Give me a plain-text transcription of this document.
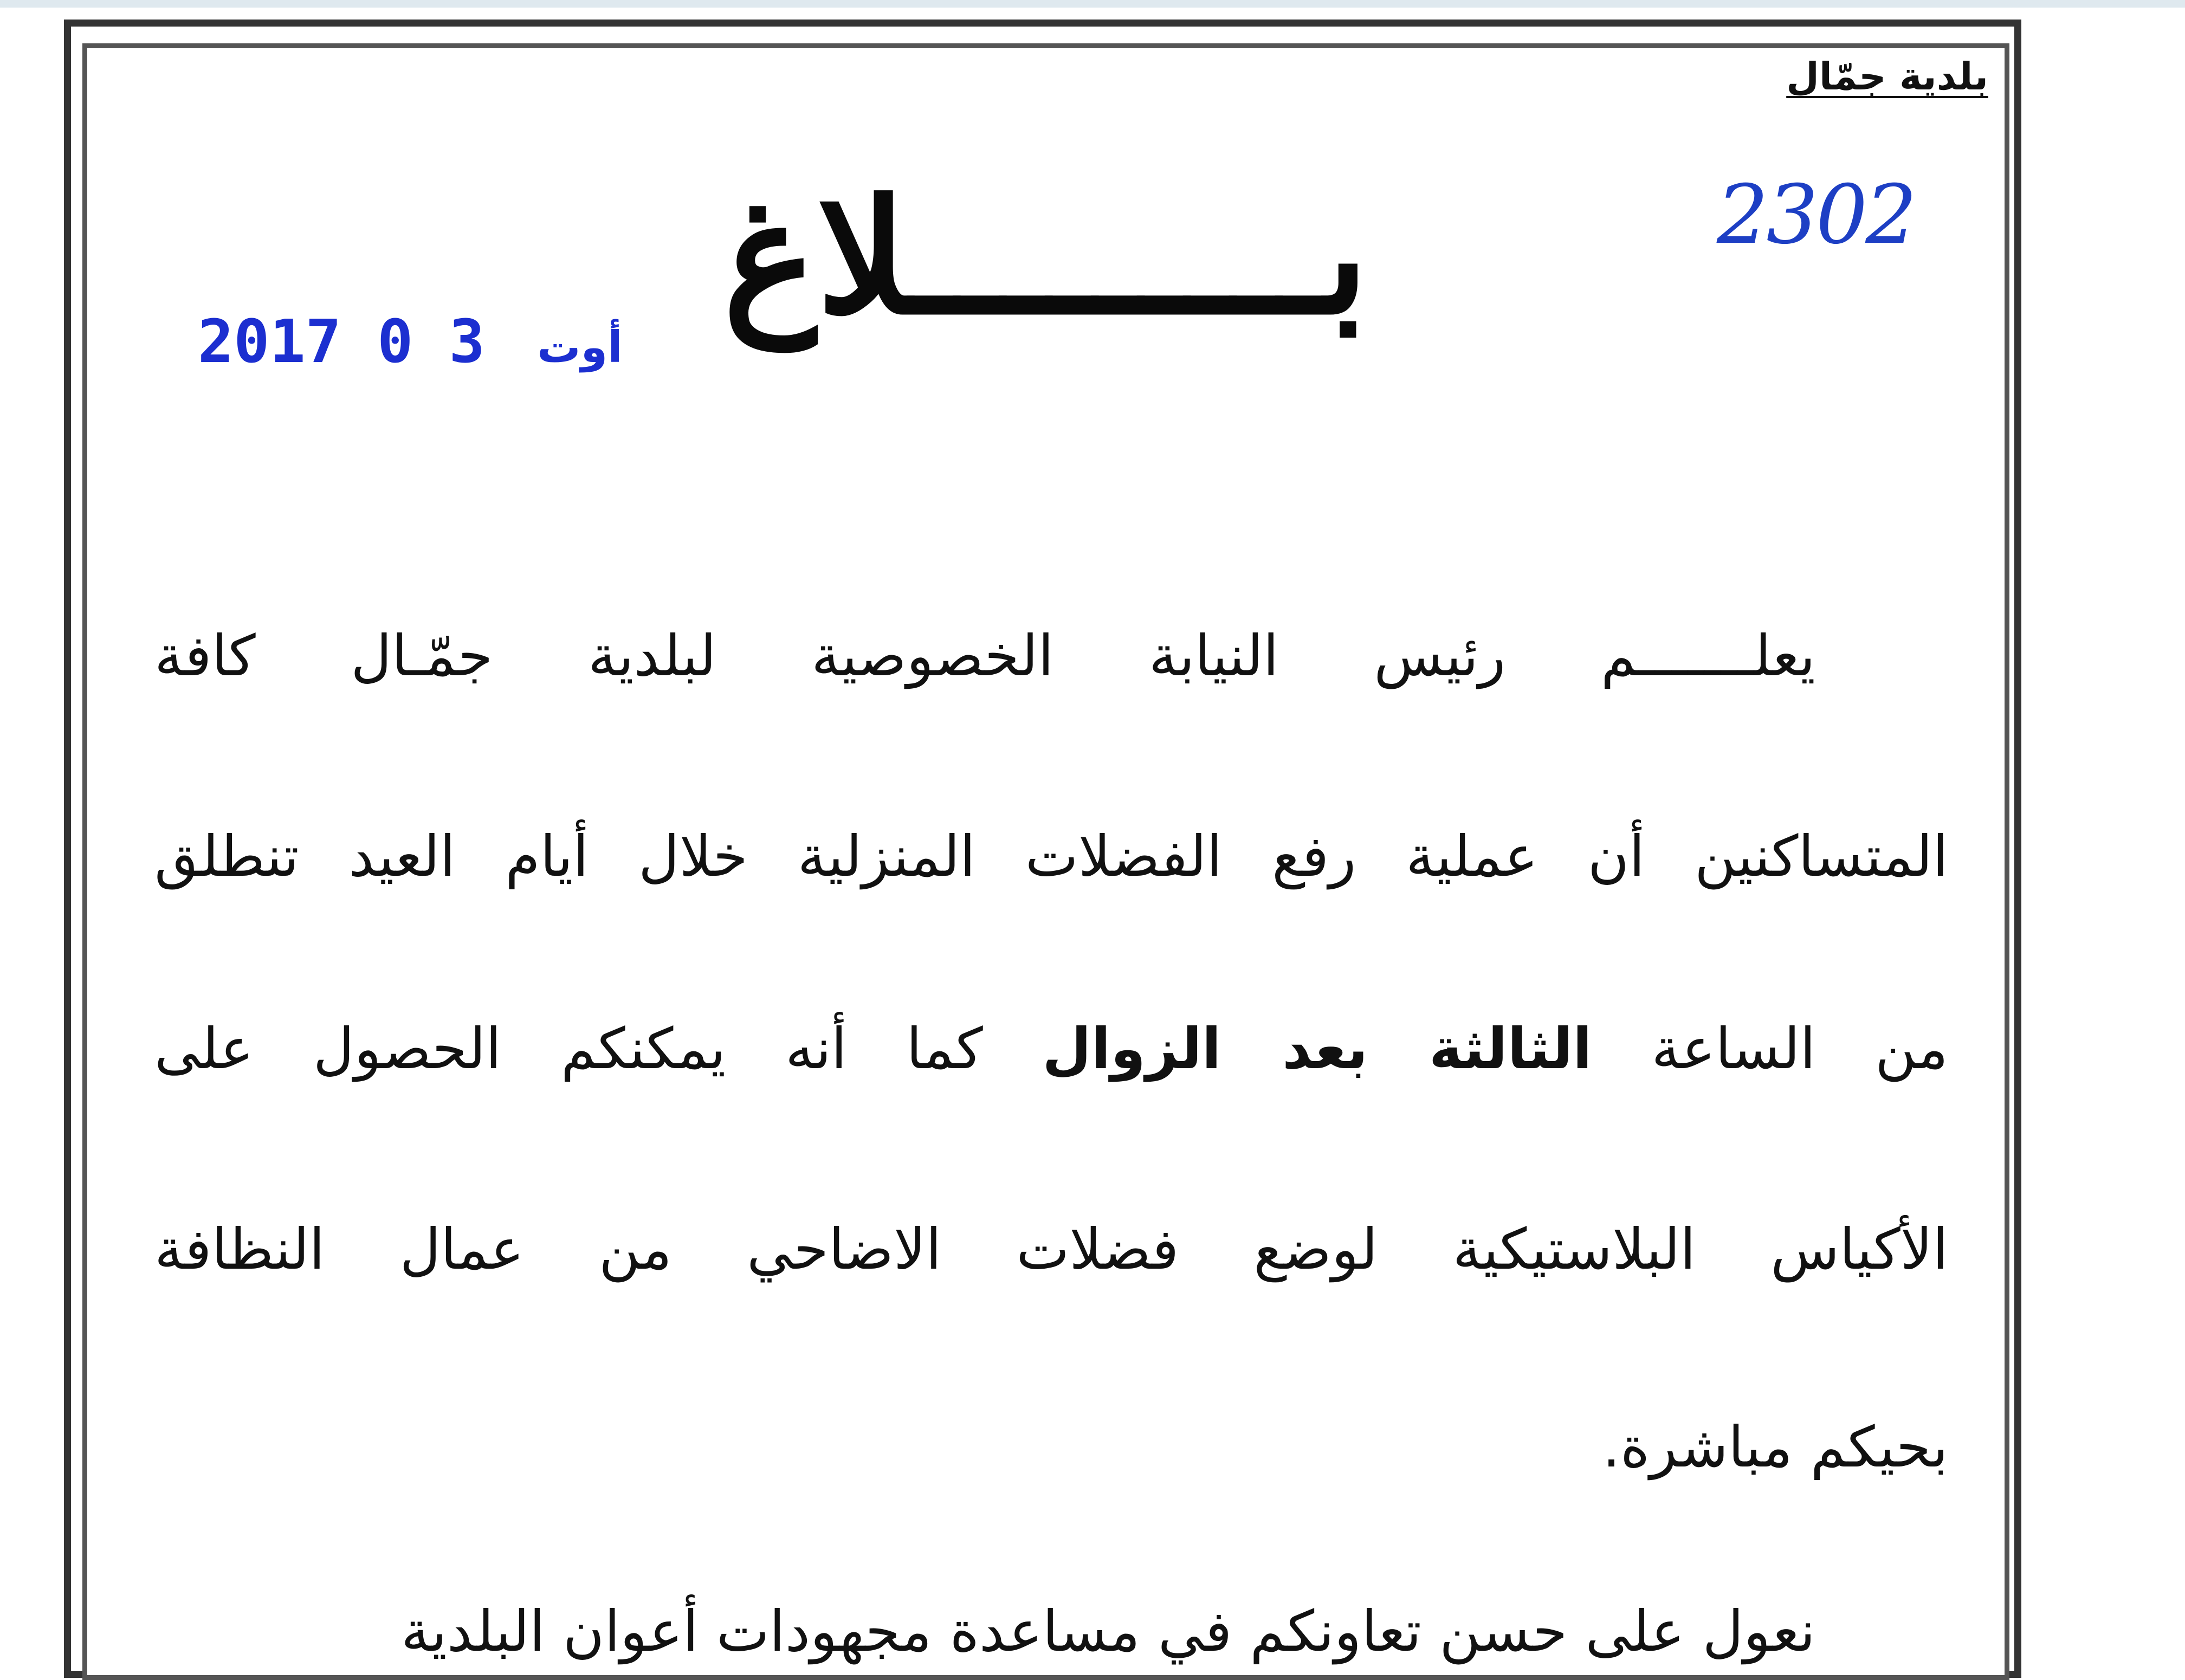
بلدية جمّال
2302
بـــــــــلاغ
2017	أوت 3 0
يعلـــــــم رئيس النيابة الخصوصية لبلدية جمّـال كافة
المتساكنين أن عملية رفع الفضلات المنزلية خلال أيام العيد تنطلق
من الساعة الثالثة بعد الزوال كما أنه يمكنكم الحصول على
الأكياس البلاستيكية لوضع فضلات الاضاحي من عمال النظافة
بحيكم مباشرة.
نعول على حسن تعاونكم في مساعدة مجهودات أعوان البلدية
